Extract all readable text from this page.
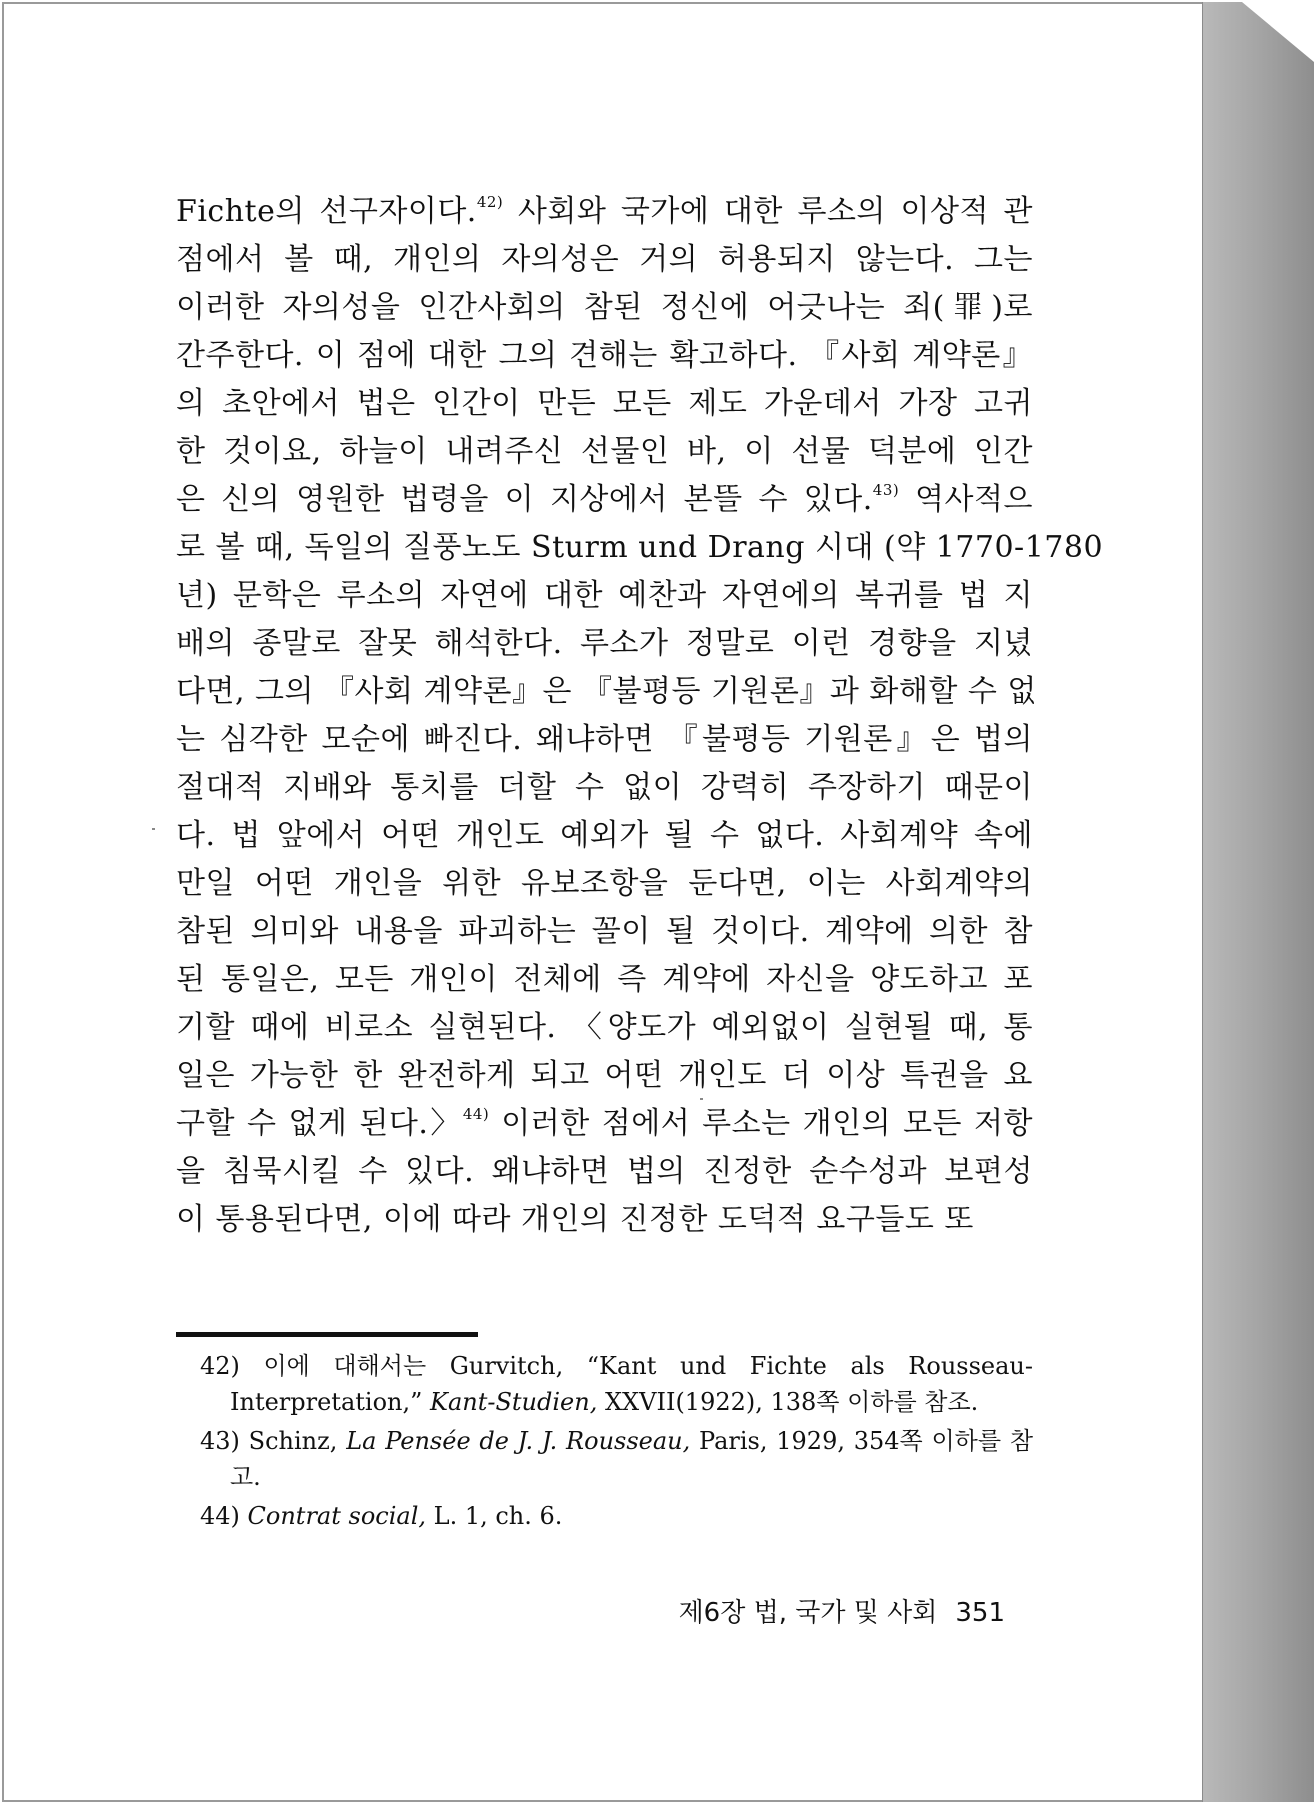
Fichte의 선구자이다.$^{42)}$ 사회와 국가에 대한 루소의 이상적 관
점에서 볼 때, 개인의 자의성은 거의 허용되지 않는다. 그는
이러한 자의성을 인간사회의 참된 정신에 어긋나는 죄(罪)로
간주한다. 이 점에 대한 그의 견해는 확고하다. 『사회 계약론』
의 초안에서 법은 인간이 만든 모든 제도 가운데서 가장 고귀
한 것이요, 하늘이 내려주신 선물인 바, 이 선물 덕분에 인간
은 신의 영원한 법령을 이 지상에서 본뜰 수 있다.$^{43)}$ 역사적으
로 볼 때, 독일의 질풍노도 Sturm und Drang 시대 (약 1770-1780
년) 문학은 루소의 자연에 대한 예찬과 자연에의 복귀를 법 지
배의 종말로 잘못 해석한다. 루소가 정말로 이런 경향을 지녔
다면, 그의 『사회 계약론』은 『불평등 기원론』과 화해할 수 없
는 심각한 모순에 빠진다. 왜냐하면 『불평등 기원론』은 법의
절대적 지배와 통치를 더할 수 없이 강력히 주장하기 때문이
다. 법 앞에서 어떤 개인도 예외가 될 수 없다. 사회계약 속에
만일 어떤 개인을 위한 유보조항을 둔다면, 이는 사회계약의
참된 의미와 내용을 파괴하는 꼴이 될 것이다. 계약에 의한 참
된 통일은, 모든 개인이 전체에 즉 계약에 자신을 양도하고 포
기할 때에 비로소 실현된다. 〈양도가 예외없이 실현될 때, 통
일은 가능한 한 완전하게 되고 어떤 개인도 더 이상 특권을 요
구할 수 없게 된다.〉$^{44)}$ 이러한 점에서 루소는 개인의 모든 저항
을 침묵시킬 수 있다. 왜냐하면 법의 진정한 순수성과 보편성
이 통용된다면, 이에 따라 개인의 진정한 도덕적 요구들도 또
42) 이에 대해서는 Gurvitch, “Kant und Fichte als Rousseau-
Interpretation,” Kant-Studien, XXVII(1922), 138쪽 이하를 참조.
43) Schinz, La Pensée de J. J. Rousseau, Paris, 1929, 354쪽 이하를 참
고.
44) Contrat social, L. 1, ch. 6.
제6장 법, 국가 및 사회 351
